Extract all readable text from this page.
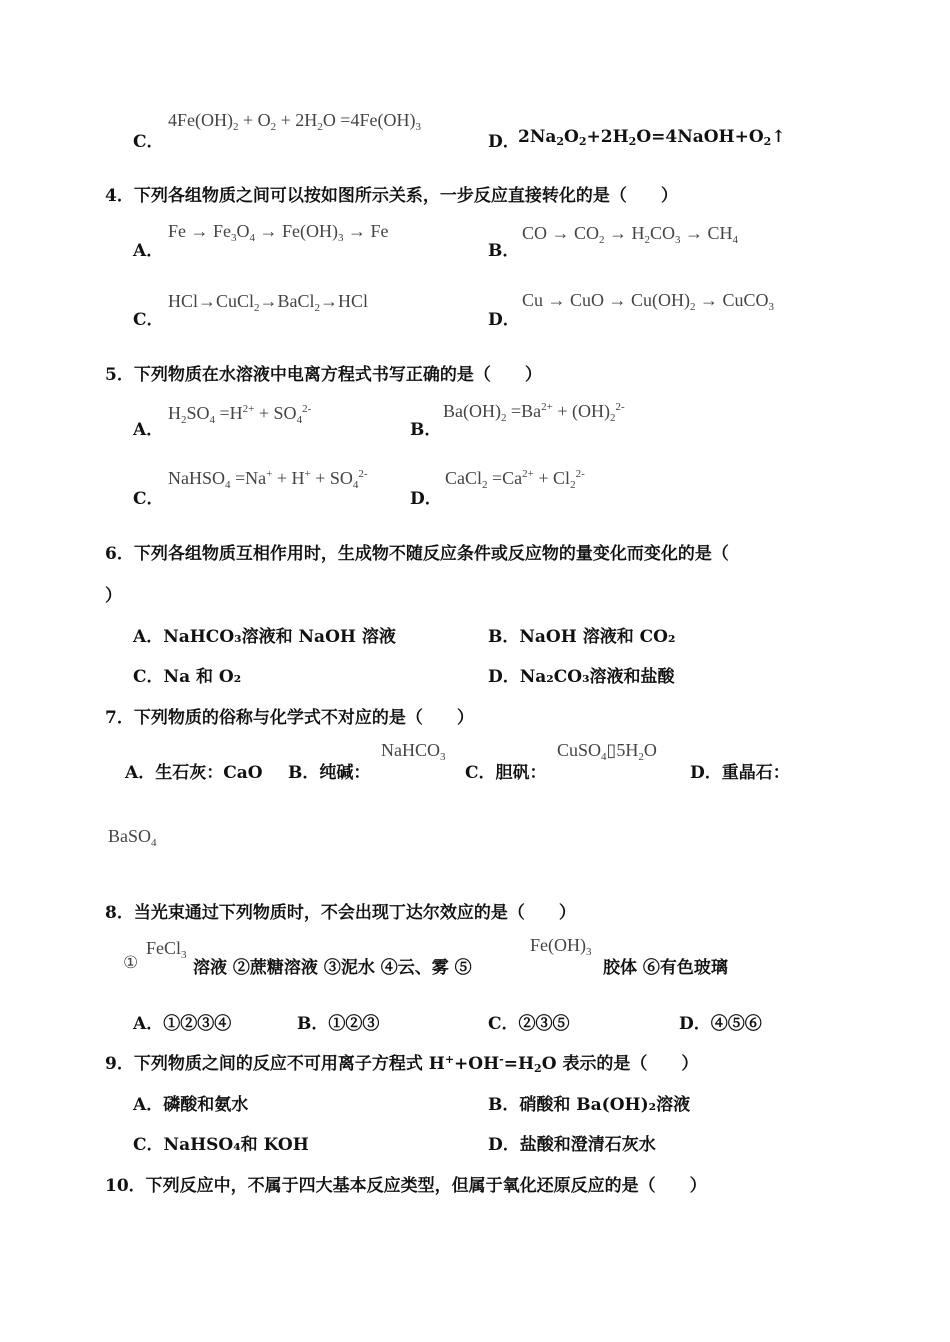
C．
$4Fe(OH)_2 + O_2 + 2H_2O =4Fe(OH)_3$
D．
$2Na_2O_2+2H_2O=4NaOH+O_2↑$
4．下列各组物质之间可以按如图所示关系，一步反应直接转化的是（　　）
A．
$Fe \to Fe_3O_4 \to Fe(OH)_3 \to Fe$
B．
CO → $CO_2 \to H_2CO_3 \to CH_4$
C．
HCl→CuCl$_2$→BaCl$_2$→HCl
D．
Cu → CuO → $Cu(OH)_2$ → CuCO$_3$
5．下列物质在水溶液中电离方程式书写正确的是（　　）
A．
$H_2SO_4 =H^{2+} + SO_4^{2-}$
B．
$Ba(OH)_2 =Ba^{2+} + (OH)_2^{2-}$
C．
NaHSO$_4$ $=Na^+ + H^+ + SO_4^{2-}$
D．
CaCl$_2$ $=Ca^{2+} + Cl_2^{2-}$
6．下列各组物质互相作用时，生成物不随反应条件或反应物的量变化而变化的是（
）
A．NaHCO₃溶液和 NaOH 溶液	B．NaOH 溶液和 CO₂
C．Na 和 O₂	D．Na₂CO₃溶液和盐酸
7．下列物质的俗称与化学式不对应的是（　　）
A．生石灰：CaO B．纯碱：
NaHCO$_3$
C．胆矾：
$CuSO_4▯5H_2O$
D．重晶石：
BaSO$_4$
8．当光束通过下列物质时，不会出现丁达尔效应的是（　　）
①
FeCl$_3$
溶液 ②蔗糖溶液 ③泥水 ④云、雾 ⑤
$Fe(OH)_3$
胶体 ⑥有色玻璃
A．①②③④	B．①②③	C．②③⑤	D．④⑤⑥
9．下列物质之间的反应不可用离子方程式 $H^++OH^-=H_2O$ 表示的是（　　）
A．磷酸和氨水	B．硝酸和 Ba(OH)₂溶液
C．NaHSO₄和 KOH	D．盐酸和澄清石灰水
10．下列反应中，不属于四大基本反应类型，但属于氧化还原反应的是（　　）
